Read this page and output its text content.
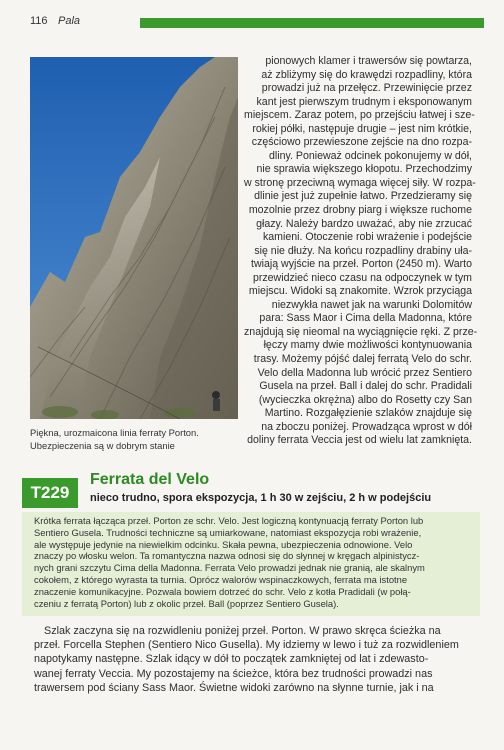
116 Pala
Piękna, urozmaicona linia ferraty Porton.
Ubezpieczenia są w dobrym stanie

pionowych klamer i trawersów się powtarza,

aż zbliżymy się do krawędzi rozpadliny, która

prowadzi już na przełęcz. Przewinięcie przez

kant jest pierwszym trudnym i eksponowanym

miejscem. Zaraz potem, po przejściu łatwej i sze-

rokiej półki, następuje drugie – jest nim krótkie,

częściowo przewieszone zejście na dno rozpa-

dliny. Ponieważ odcinek pokonujemy w dół,

nie sprawia większego kłopotu. Przechodzimy

w stronę przeciwną wymaga więcej siły. W rozpa-

dlinie jest już zupełnie łatwo. Przedzieramy się

mozolnie przez drobny piarg i większe ruchome

głazy. Należy bardzo uważać, aby nie zrzucać

kamieni. Otoczenie robi wrażenie i podejście

się nie dłuży. Na końcu rozpadliny drabiny uła-

twiają wyjście na przeł. Porton (2450 m). Warto

przewidzieć nieco czasu na odpoczynek w tym

miejscu. Widoki są znakomite. Wzrok przyciąga

niezwykła nawet jak na warunki Dolomitów

para: Sass Maor i Cima della Madonna, które

znajdują się nieomal na wyciągnięcie ręki. Z prze-

łęczy mamy dwie możliwości kontynuowania

trasy. Możemy pójść dalej ferratą Velo do schr.

Velo della Madonna lub wrócić przez Sentiero

Gusela na przeł. Ball i dalej do schr. Pradidali

(wycieczka okrężna) albo do Rosetty czy San

Martino. Rozgałęzienie szlaków znajduje się

na zboczu poniżej. Prowadząca wprost w dół

doliny ferrata Veccia jest od wielu lat zamknięta.

T229
Ferrata del Velo
nieco trudno, spora ekspozycja, 1 h 30 w zejściu, 2 h w podejściu

Krótka ferrata łącząca przeł. Porton ze schr. Velo. Jest logiczną kontynuacją ferraty Porton lub

Sentiero Gusela. Trudności techniczne są umiarkowane, natomiast ekspozycja robi wrażenie,

ale występuje jedynie na niewielkim odcinku. Skała pewna, ubezpieczenia odnowione. Velo

znaczy po włosku welon. Ta romantyczna nazwa odnosi się do słynnej w kręgach alpinistycz-

nych grani szczytu Cima della Madonna. Ferrata Velo prowadzi jednak nie granią, ale skalnym

cokołem, z którego wyrasta ta turnia. Oprócz walorów wspinaczkowych, ferrata ma istotne

znaczenie komunikacyjne. Pozwala bowiem dotrzeć do schr. Velo z kotła Pradidali (w połą-

czeniu z ferratą Porton) lub z okolic przeł. Ball (poprzez Sentiero Gusela).

Szlak zaczyna się na rozwidleniu poniżej przeł. Porton. W prawo skręca ścieżka na

przeł. Forcella Stephen (Sentiero Nico Gusella). My idziemy w lewo i tuż za rozwidleniem

napotykamy następne. Szlak idący w dół to początek zamkniętej od lat i zdewasto-

wanej ferraty Veccia. My pozostajemy na ścieżce, która bez trudności prowadzi nas

trawersem pod ściany Sass Maor. Świetne widoki zarówno na słynne turnie, jak i na
